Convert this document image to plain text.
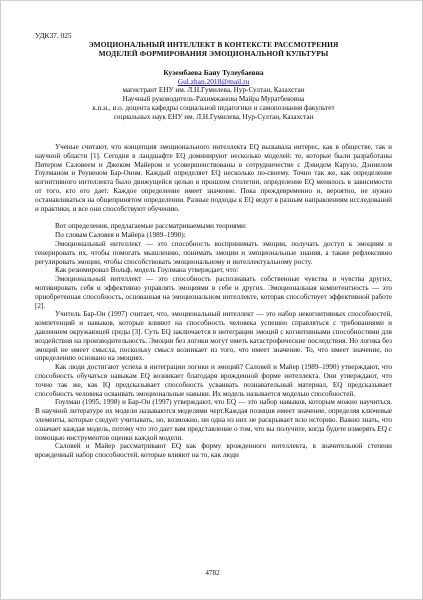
УДК37. 025

ЭМОЦИОНАЛЬНЫЙ ИНТЕЛЛЕКТ В КОНТЕКСТЕ РАССМОТРЕНИЯ

МОДЕЛЕЙ ФОРМИРОВАНИЯ ЭМОЦИОНАЛЬНОЙ КУЛЬТУРЫ

Кузембаева Бану Тулеубаевна

Gul.zhan.2018@mail.ru

магистрант ЕНУ им. Л.Н.Гумилева, Нур-Султан, Казахстан

Научный руководитель-Рахимжанова Майра Муратбековна

к.п.н., и.о. доцента кафедры социальной педагогики и самопознания факультет

социальных наук ЕНУ им. Л.Н.Гумилева, Нур-Султан, Казахстан

Ученые считают, что концепция эмоционального интеллекта EQ вызывала интерес, как в обществе, так и научной области [1]. Сегодня в ландшафте EQ доминируют несколько моделей: те, которые были разработаны Питером Саловеем и Джеком Майером и усовершенствованы в сотрудничестве с Дэвидом Карузо, Дэниелом Гоулманом и Реувеном Бар-Оном. Каждый определяет EQ несколько по-своему. Точно так же, как определение когнитивного интеллекта было движущейся целью в прошлом столетии, определение EQ менялось в зависимости от того, кто его дает. Каждое определение имеет значение. Пока преждевременно и, вероятно, не нужно останавливаться на общепринятом определении. Разные подходы к EQ ведут в разным направлениям исследований и практики, и все они способствуют обучению.

Вот определения, предлагаемые рассматриваемыми теориями:

По словам Саловея и Майера (1989–1990):

Эмоциональный интеллект — это способность воспринимать эмоции, получать доступ к эмоциям и генерировать их, чтобы помогать мышлению, понимать эмоции и эмоциональные знания, а также рефлексивно регулировать эмоции, чтобы способствовать эмоциональному и интеллектуальному росту.

Как резюмировал Вольф, модель Гоулмана утверждает, что:

Эмоциональный интеллект — это способность распознавать собственные чувства и чувства других, мотивировать себя и эффективно управлять эмоциями в себе и других. Эмоциональная компетентность — это приобретенная способность, основанная на эмоциональном интеллекте, которая способствует эффективной работе [2].

Учитель Бар-Он (1997) считает, что, эмоциональный интеллект — это набор некогнитивных способностей, компетенций и навыков, которые влияют на способность человека успешно справляться с требованиями и давлением окружающей среды [3]. Суть EQ заключается в интеграции эмоций с когнитивными способностями для воздействия на производительность. Эмоции без логики могут иметь катастрофические последствия. Но логика без эмоций не имеет смысла, поскольку смысл возникает из того, что имеет значение. То, что имеет значение, по определению основано на эмоциях.

Как люди достигают успеха в интеграции логики и эмоций? Саловей и Майер (1989–1990) утверждают, что способность обучаться навыкам EQ возникает благодаря врожденной форме интеллекта. Они утверждают, что точно так же, как IQ предсказывает способность усваивать познавательный материал, EQ предсказывает способность человека осваивать эмоциональные навыки. Их модель называется моделью способностей.

Гоулман (1995, 1998) и Бар-Он (1997) утверждают, что EQ — это набор навыков, которым можно научиться. В научной литературе их модели называются моделями черт.Каждая позиция имеет значение, определяя ключевые элементы, которые следует учитывать, но, возможно, ни одна из них не раскрывает всю историю. Важно знать, что означает каждая модель, потому что это дает вам представление о том, что вы получите, когда будете измерять EQ с помощью инструментов оценки каждой модели.

Саловей и Майер рассматривают EQ как форму врожденного интеллекта, в значительной степени врожденный набор способностей, которые влияют на то, как люди

4782
